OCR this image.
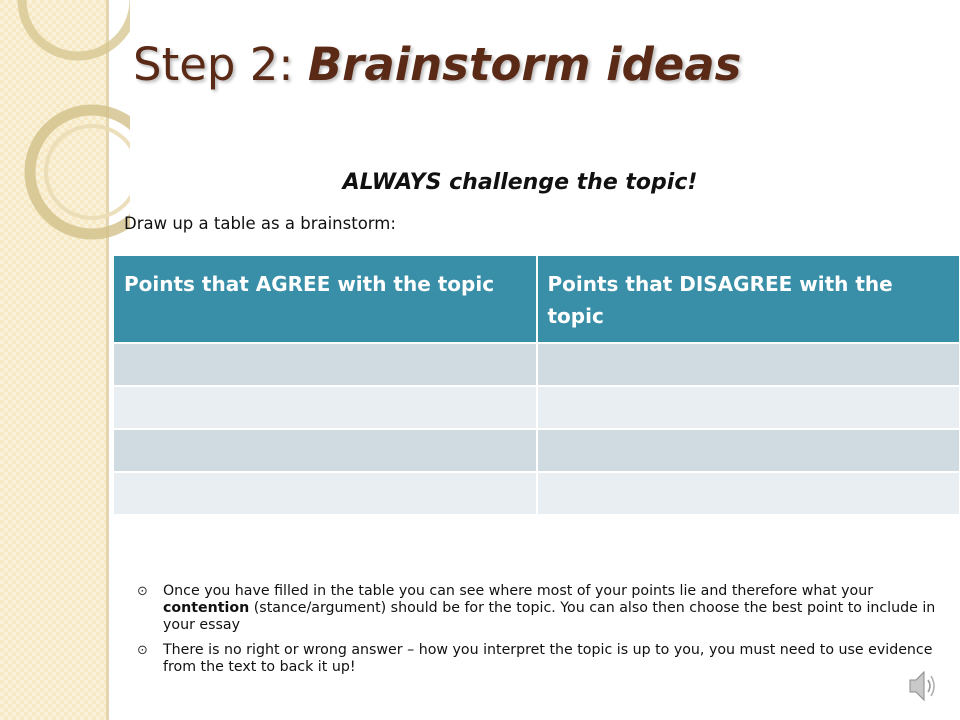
Step 2: Brainstorm ideas
ALWAYS challenge the topic!
Draw up a table as a brainstorm:
Points that AGREE with the topic	Points that DISAGREE with the topic

⊙ Once you have filled in the table you can see where most of your points lie and therefore what your contention (stance/argument) should be for the topic. You can also then choose the best point to include in your essay
⊙ There is no right or wrong answer – how you interpret the topic is up to you, you must need to use evidence from the text to back it up!
